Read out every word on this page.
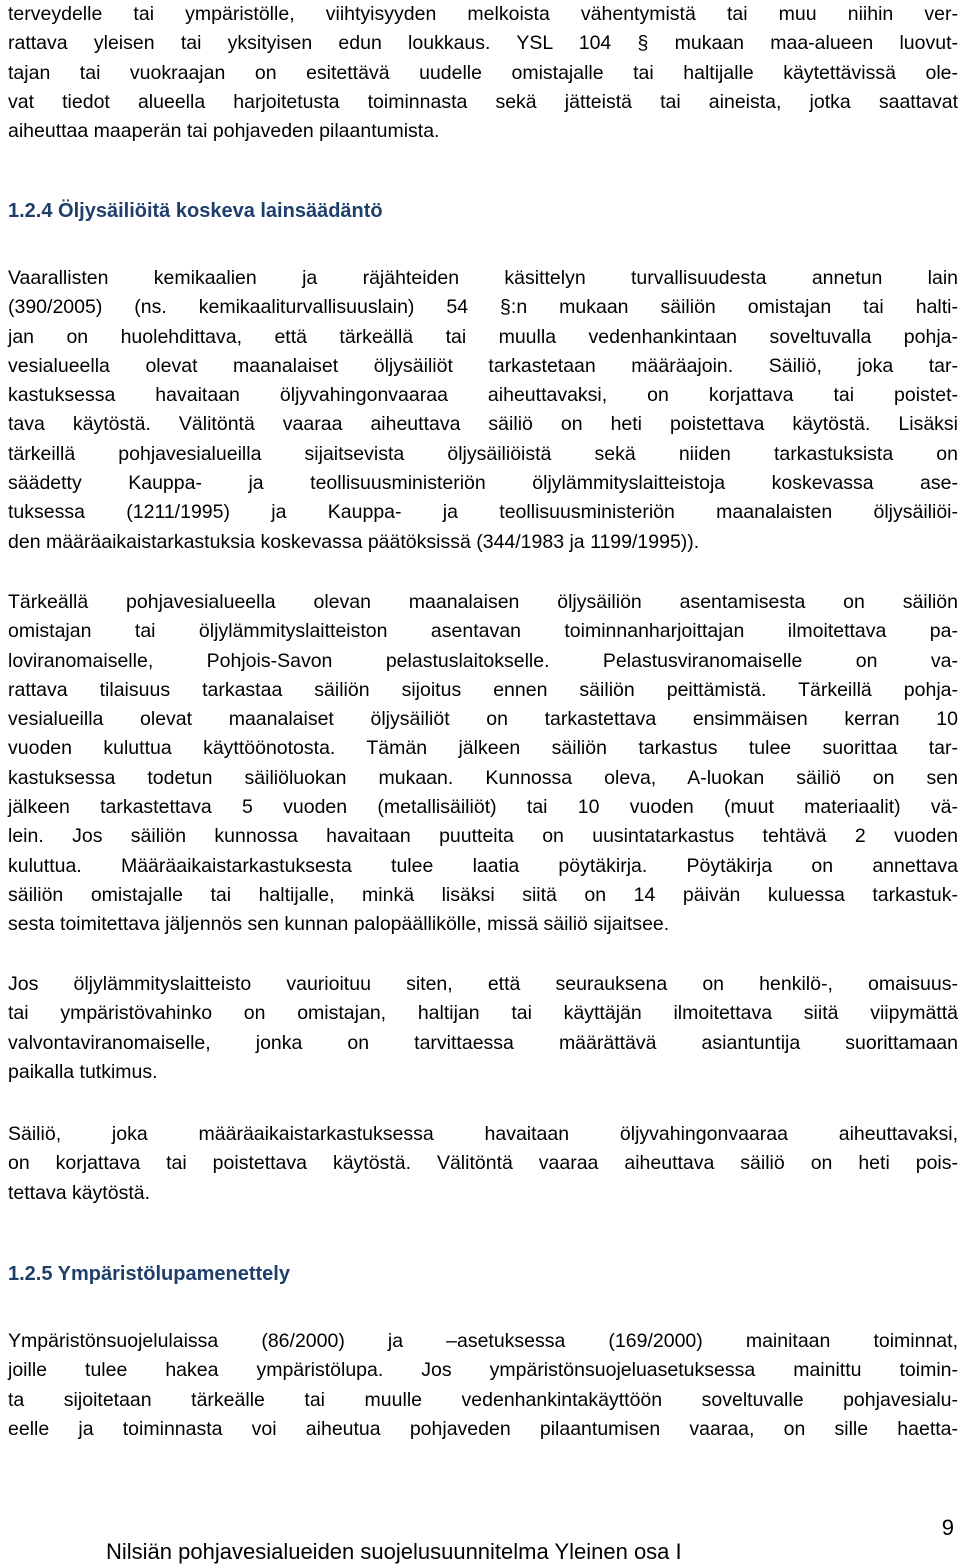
terveydelle tai ympäristölle, viihtyisyyden melkoista vähentymistä tai muu niihin ver-
rattava yleisen tai yksityisen edun loukkaus. YSL 104 § mukaan maa-alueen luovut-
tajan tai vuokraajan on esitettävä uudelle omistajalle tai haltijalle käytettävissä ole-
vat tiedot alueella harjoitetusta toiminnasta sekä jätteistä tai aineista, jotka saattavat
aiheuttaa maaperän tai pohjaveden pilaantumista.
1.2.4 Öljysäiliöitä koskeva lainsäädäntö
Vaarallisten kemikaalien ja räjähteiden käsittelyn turvallisuudesta annetun lain
(390/2005) (ns. kemikaaliturvallisuuslain) 54 §:n mukaan säiliön omistajan tai halti-
jan on huolehdittava, että tärkeällä tai muulla vedenhankintaan soveltuvalla pohja-
vesialueella olevat maanalaiset öljysäiliöt tarkastetaan määräajoin. Säiliö, joka tar-
kastuksessa havaitaan öljyvahingonvaaraa aiheuttavaksi, on korjattava tai poistet-
tava käytöstä. Välitöntä vaaraa aiheuttava säiliö on heti poistettava käytöstä. Lisäksi
tärkeillä pohjavesialueilla sijaitsevista öljysäiliöistä sekä niiden tarkastuksista on
säädetty Kauppa- ja teollisuusministeriön öljylämmityslaitteistoja koskevassa ase-
tuksessa (1211/1995) ja Kauppa- ja teollisuusministeriön maanalaisten öljysäiliöi-
den määräaikaistarkastuksia koskevassa päätöksissä (344/1983 ja 1199/1995)).
Tärkeällä pohjavesialueella olevan maanalaisen öljysäiliön asentamisesta on säiliön
omistajan tai öljylämmityslaitteiston asentavan toiminnanharjoittajan ilmoitettava pa-
loviranomaiselle, Pohjois-Savon pelastuslaitokselle. Pelastusviranomaiselle on va-
rattava tilaisuus tarkastaa säiliön sijoitus ennen säiliön peittämistä. Tärkeillä pohja-
vesialueilla olevat maanalaiset öljysäiliöt on tarkastettava ensimmäisen kerran 10
vuoden kuluttua käyttöönotosta. Tämän jälkeen säiliön tarkastus tulee suorittaa tar-
kastuksessa todetun säiliöluokan mukaan. Kunnossa oleva, A-luokan säiliö on sen
jälkeen tarkastettava 5 vuoden (metallisäiliöt) tai 10 vuoden (muut materiaalit) vä-
lein. Jos säiliön kunnossa havaitaan puutteita on uusintatarkastus tehtävä 2 vuoden
kuluttua. Määräaikaistarkastuksesta tulee laatia pöytäkirja. Pöytäkirja on annettava
säiliön omistajalle tai haltijalle, minkä lisäksi siitä on 14 päivän kuluessa tarkastuk-
sesta toimitettava jäljennös sen kunnan palopäällikölle, missä säiliö sijaitsee.
Jos öljylämmityslaitteisto vaurioituu siten, että seurauksena on henkilö-, omaisuus-
tai ympäristövahinko on omistajan, haltijan tai käyttäjän ilmoitettava siitä viipymättä
valvontaviranomaiselle, jonka on tarvittaessa määrättävä asiantuntija suorittamaan
paikalla tutkimus.
Säiliö, joka määräaikaistarkastuksessa havaitaan öljyvahingonvaaraa aiheuttavaksi,
on korjattava tai poistettava käytöstä. Välitöntä vaaraa aiheuttava säiliö on heti pois-
tettava käytöstä.
1.2.5 Ympäristölupamenettely
Ympäristönsuojelulaissa (86/2000) ja –asetuksessa (169/2000) mainitaan toiminnat,
joille tulee hakea ympäristölupa. Jos ympäristönsuojeluasetuksessa mainittu toimin-
ta sijoitetaan tärkeälle tai muulle vedenhankintakäyttöön soveltuvalle pohjavesialu-
eelle ja toiminnasta voi aiheutua pohjaveden pilaantumisen vaaraa, on sille haetta-
9
Nilsiän pohjavesialueiden suojelusuunnitelma Yleinen osa I
